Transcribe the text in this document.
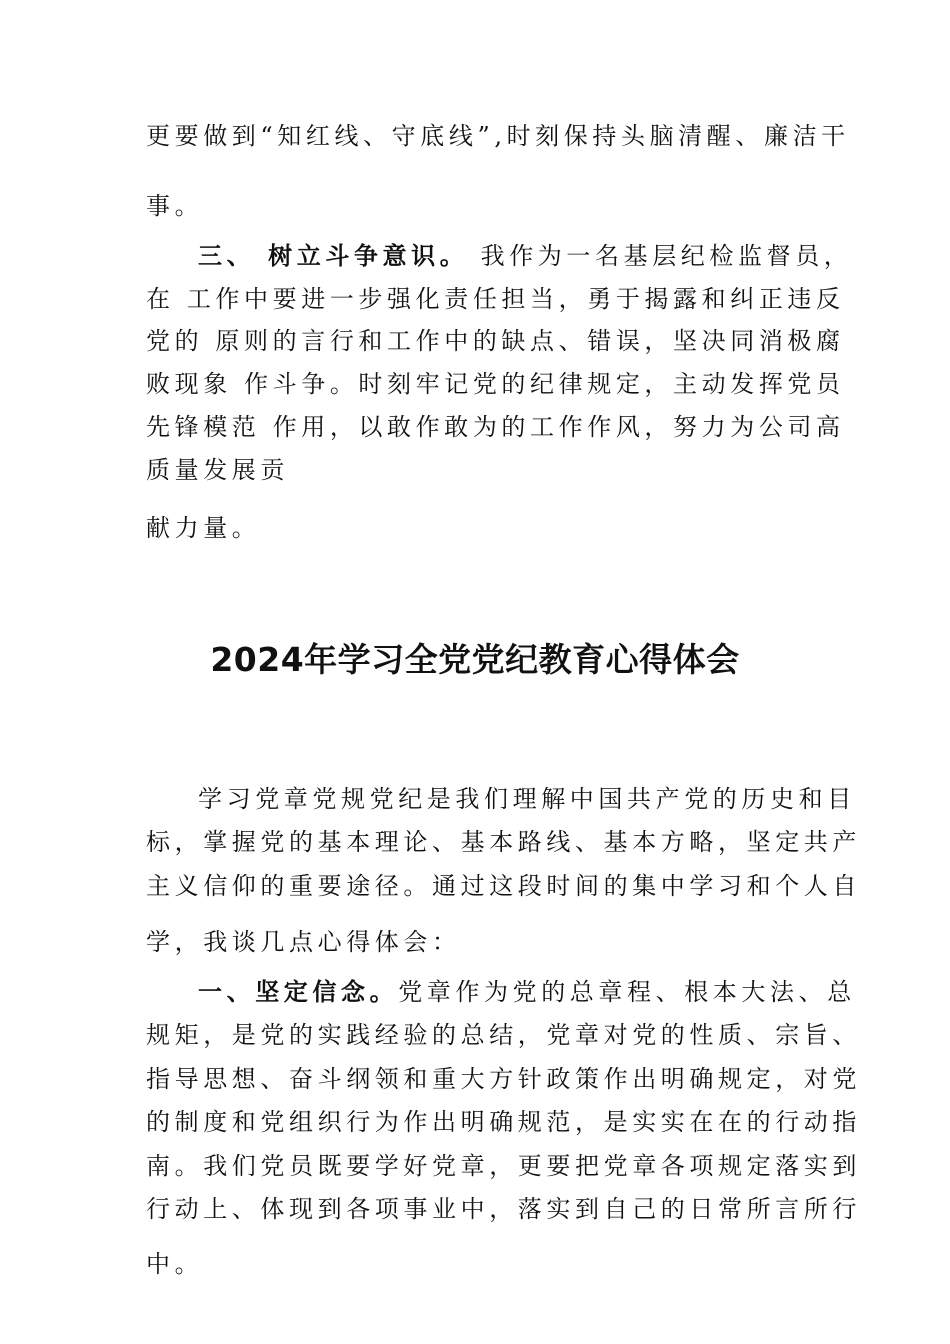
更要做到“知红线、守底线”,时刻保持头脑清醒、廉洁干
事。
三、 树立斗争意识。 我作为一名基层纪检监督员，
在 工作中要进一步强化责任担当，勇于揭露和纠正违反
党的 原则的言行和工作中的缺点、错误，坚决同消极腐
败现象 作斗争。时刻牢记党的纪律规定，主动发挥党员
先锋模范 作用，以敢作敢为的工作作风，努力为公司高
质量发展贡
献力量。
2024年学习全党党纪教育心得体会
学习党章党规党纪是我们理解中国共产党的历史和目
标，掌握党的基本理论、基本路线、基本方略，坚定共产
主义信仰的重要途径。通过这段时间的集中学习和个人自
学，我谈几点心得体会：
一、坚定信念。党章作为党的总章程、根本大法、总
规矩，是党的实践经验的总结，党章对党的性质、宗旨、
指导思想、奋斗纲领和重大方针政策作出明确规定，对党
的制度和党组织行为作出明确规范，是实实在在的行动指
南。我们党员既要学好党章，更要把党章各项规定落实到
行动上、体现到各项事业中，落实到自己的日常所言所行
中。
